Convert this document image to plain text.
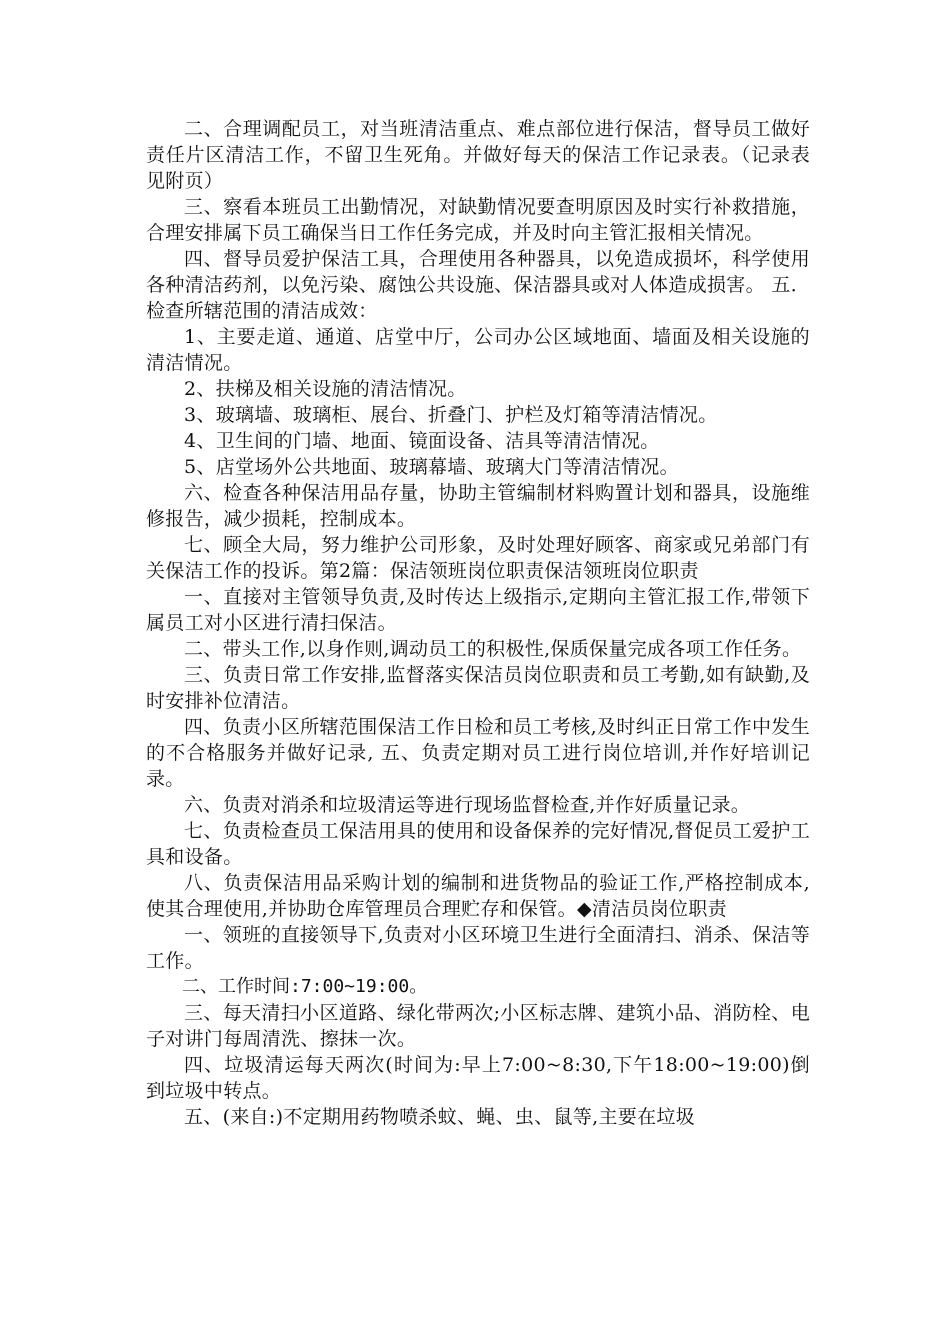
二、合理调配员工，对当班清洁重点、难点部位进行保洁，督导员工做好责任片区清洁工作，不留卫生死角。并做好每天的保洁工作记录表。（记录表见附页）

三、察看本班员工出勤情况，对缺勤情况要查明原因及时实行补救措施，合理安排属下员工确保当日工作任务完成，并及时向主管汇报相关情况。

四、督导员爱护保洁工具，合理使用各种器具，以免造成损坏，科学使用各种清洁药剂，以免污染、腐蚀公共设施、保洁器具或对人体造成损害。 五．检查所辖范围的清洁成效：

1、主要走道、通道、店堂中厅，公司办公区域地面、墙面及相关设施的清洁情况。

2、扶梯及相关设施的清洁情况。

3、玻璃墙、玻璃柜、展台、折叠门、护栏及灯箱等清洁情况。

4、卫生间的门墙、地面、镜面设备、洁具等清洁情况。

5、店堂场外公共地面、玻璃幕墙、玻璃大门等清洁情况。

六、检查各种保洁用品存量，协助主管编制材料购置计划和器具，设施维修报告，减少损耗，控制成本。

七、顾全大局，努力维护公司形象，及时处理好顾客、商家或兄弟部门有关保洁工作的投诉。第2篇：保洁领班岗位职责保洁领班岗位职责

一、直接对主管领导负责,及时传达上级指示,定期向主管汇报工作,带领下属员工对小区进行清扫保洁。

二、带头工作,以身作则,调动员工的积极性,保质保量完成各项工作任务。

三、负责日常工作安排,监督落实保洁员岗位职责和员工考勤,如有缺勤,及时安排补位清洁。

四、负责小区所辖范围保洁工作日检和员工考核,及时纠正日常工作中发生的不合格服务并做好记录, 五、负责定期对员工进行岗位培训,并作好培训记录。

六、负责对消杀和垃圾清运等进行现场监督检查,并作好质量记录。

七、负责检查员工保洁用具的使用和设备保养的完好情况,督促员工爱护工具和设备。

八、负责保洁用品采购计划的编制和进货物品的验证工作,严格控制成本,使其合理使用,并协助仓库管理员合理贮存和保管。◆清洁员岗位职责

一、领班的直接领导下,负责对小区环境卫生进行全面清扫、消杀、保洁等工作。

二、工作时间:7:00~19:00。

三、每天清扫小区道路、绿化带两次;小区标志牌、建筑小品、消防栓、电子对讲门每周清洗、擦抹一次。

四、垃圾清运每天两次(时间为:早上7:00~8:30,下午18:00~19:00)倒到垃圾中转点。

五、(来自:)不定期用药物喷杀蚊、蝇、虫、鼠等,主要在垃圾
